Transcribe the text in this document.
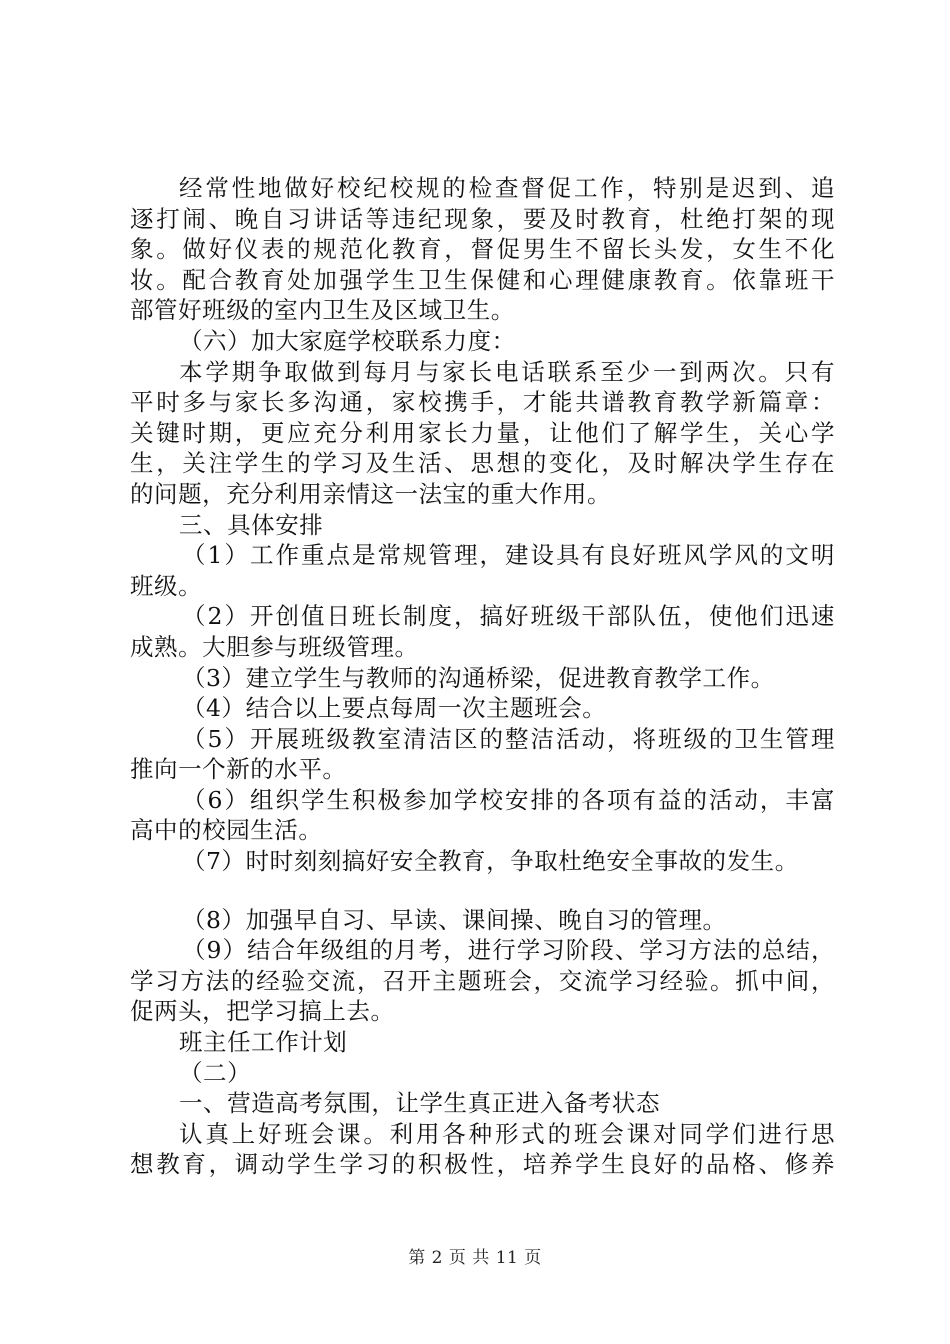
经常性地做好校纪校规的检查督促工作，特别是迟到、追
逐打闹、晚自习讲话等违纪现象，要及时教育，杜绝打架的现
象。做好仪表的规范化教育，督促男生不留长头发，女生不化
妆。配合教育处加强学生卫生保健和心理健康教育。依靠班干
部管好班级的室内卫生及区域卫生。
（六）加大家庭学校联系力度：
本学期争取做到每月与家长电话联系至少一到两次。只有
平时多与家长多沟通，家校携手，才能共谱教育教学新篇章：
关键时期，更应充分利用家长力量，让他们了解学生，关心学
生，关注学生的学习及生活、思想的变化，及时解决学生存在
的问题，充分利用亲情这一法宝的重大作用。
三、具体安排
（1）工作重点是常规管理，建设具有良好班风学风的文明
班级。
（2）开创值日班长制度，搞好班级干部队伍，使他们迅速
成熟。大胆参与班级管理。
（3）建立学生与教师的沟通桥梁，促进教育教学工作。
（4）结合以上要点每周一次主题班会。
（5）开展班级教室清洁区的整洁活动，将班级的卫生管理
推向一个新的水平。
（6）组织学生积极参加学校安排的各项有益的活动，丰富
高中的校园生活。
（7）时时刻刻搞好安全教育，争取杜绝安全事故的发生。
（8）加强早自习、早读、课间操、晚自习的管理。
（9）结合年级组的月考，进行学习阶段、学习方法的总结，
学习方法的经验交流，召开主题班会，交流学习经验。抓中间，
促两头，把学习搞上去。
班主任工作计划
（二）
一、营造高考氛围，让学生真正进入备考状态
认真上好班会课。利用各种形式的班会课对同学们进行思
想教育，调动学生学习的积极性，培养学生良好的品格、修养
第 2 页 共 11 页
